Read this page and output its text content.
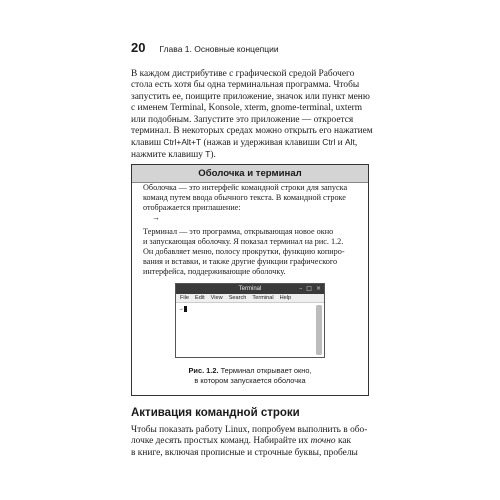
20 Глава 1. Основные концепции

В каждом дистрибутиве с графической средой Рабочего
стола есть хотя бы одна терминальная программа. Чтобы
запустить ее, поищите приложение, значок или пункт меню
с именем Terminal, Konsole, xterm, gnome-terminal, uxterm
или подобным. Запустите это приложение — откроется
терминал. В некоторых средах можно открыть его нажатием
клавиш Ctrl+Alt+T (нажав и удерживая клавиши Ctrl и Alt,
нажмите клавишу T).

Оболочка и терминал

Оболочка — это интерфейс командной строки для запуска
команд путем ввода обычного текста. В командной строке
отображается приглашение:

→

Терминал — это программа, открывающая новое окно
и запускающая оболочку. Я показал терминал на рис. 1.2.
Он добавляет меню, полосу прокрутки, функцию копиро-
вания и вставки, и также другие функции графического
интерфейса, поддерживающие оболочку.

Terminal	– □ ×
File Edit View Search Terminal Help
→
Рис. 1.2. Терминал открывает окно,
в котором запускается оболочка
Активация командной строки

Чтобы показать работу Linux, попробуем выполнить в обо-
лочке десять простых команд. Набирайте их точно как
в книге, включая прописные и строчные буквы, пробелы
